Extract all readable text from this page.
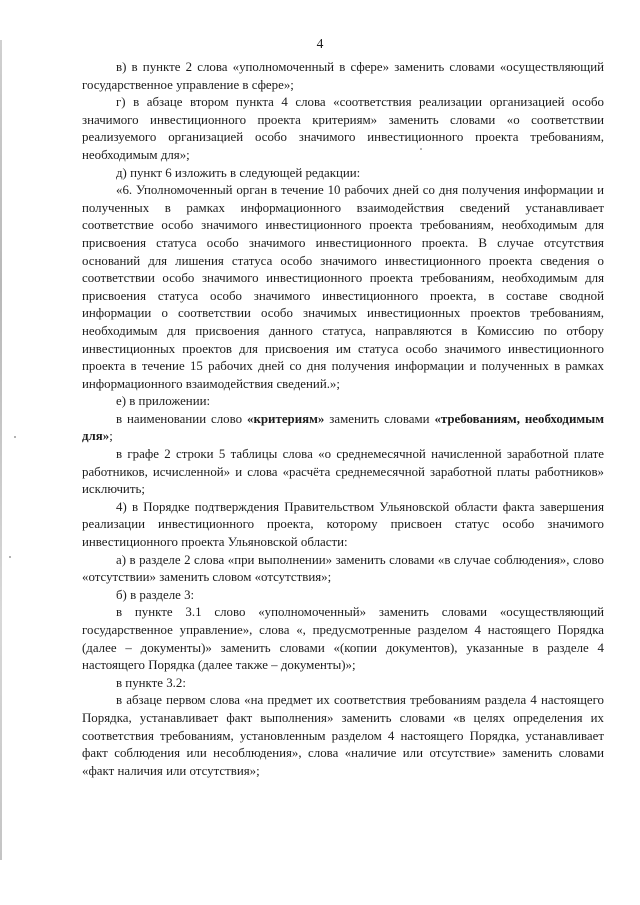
4

в) в пункте 2 слова «уполномоченный в сфере» заменить словами «осуществляющий государственное управление в сфере»;

г) в абзаце втором пункта 4 слова «соответствия реализации организацией особо значимого инвестиционного проекта критериям» заменить словами «о соответствии реализуемого организацией особо значимого инвестиционного проекта требованиям, необходимым для»;

д) пункт 6 изложить в следующей редакции:

«6. Уполномоченный орган в течение 10 рабочих дней со дня получения информации и полученных в рамках информационного взаимодействия сведений устанавливает соответствие особо значимого инвестиционного проекта требованиям, необходимым для присвоения статуса особо значимого инвестиционного проекта. В случае отсутствия оснований для лишения статуса особо значимого инвестиционного проекта сведения о соответствии особо значимого инвестиционного проекта требованиям, необходимым для присвоения статуса особо значимого инвестиционного проекта, в составе сводной информации о соответствии особо значимых инвестиционных проектов требованиям, необходимым для присвоения данного статуса, направляются в Комиссию по отбору инвестиционных проектов для присвоения им статуса особо значимого инвестиционного проекта в течение 15 рабочих дней со дня получения информации и полученных в рамках информационного взаимодействия сведений.»;

е) в приложении:

в наименовании слово «критериям» заменить словами «требованиям, необходимым для»;

в графе 2 строки 5 таблицы слова «о среднемесячной начисленной заработной плате работников, исчисленной» и слова «расчёта среднемесячной заработной платы работников» исключить;

4) в Порядке подтверждения Правительством Ульяновской области факта завершения реализации инвестиционного проекта, которому присвоен статус особо значимого инвестиционного проекта Ульяновской области:

а) в разделе 2 слова «при выполнении» заменить словами «в случае соблюдения», слово «отсутствии» заменить словом «отсутствия»;

б) в разделе 3:

в пункте 3.1 слово «уполномоченный» заменить словами «осуществляющий государственное управление», слова «, предусмотренные разделом 4 настоящего Порядка (далее – документы)» заменить словами «(копии документов), указанные в разделе 4 настоящего Порядка (далее также – документы)»;

в пункте 3.2:

в абзаце первом слова «на предмет их соответствия требованиям раздела 4 настоящего Порядка, устанавливает факт выполнения» заменить словами «в целях определения их соответствия требованиям, установленным разделом 4 настоящего Порядка, устанавливает факт соблюдения или несоблюдения», слова «наличие или отсутствие» заменить словами «факт наличия или отсутствия»;
